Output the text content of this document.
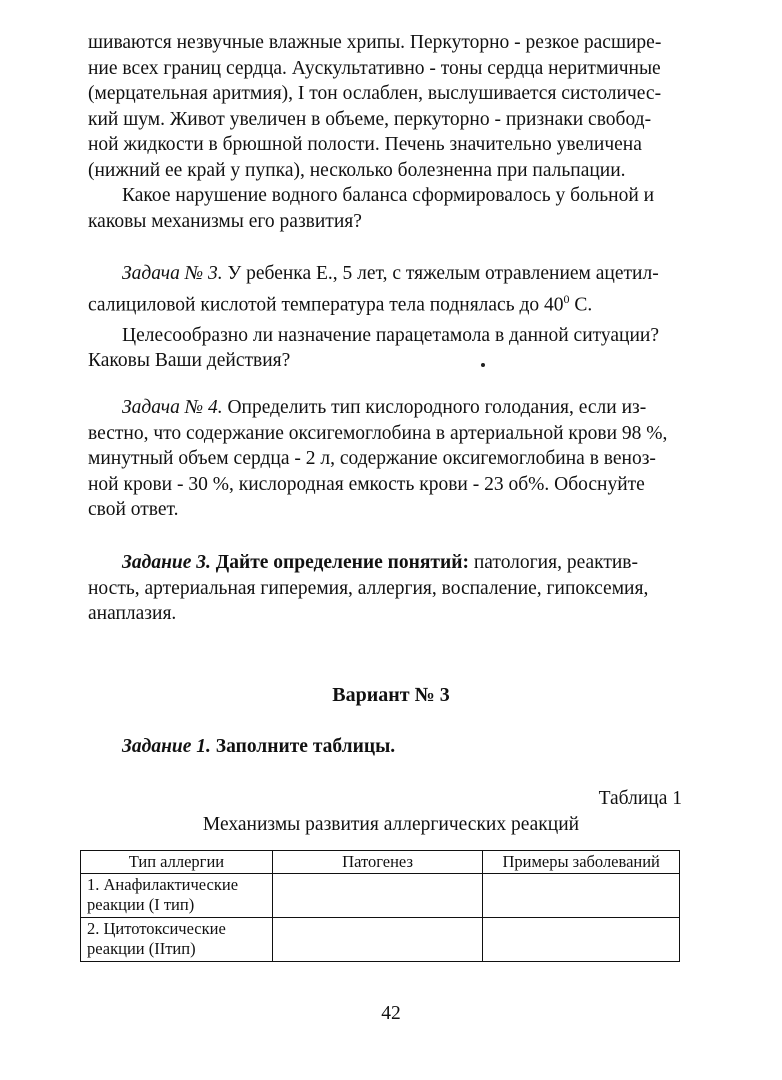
шиваются незвучные влажные хрипы. Перкуторно - резкое расшире-
ние всех границ сердца. Аускультативно - тоны сердца неритмичные
(мерцательная аритмия), I тон ослаблен, выслушивается систоличес-
кий шум. Живот увеличен в объеме, перкуторно - признаки свобод-
ной жидкости в брюшной полости. Печень значительно увеличена
(нижний ее край у пупка), несколько болезненна при пальпации.

Какое нарушение водного баланса сформировалось у больной и
каковы механизмы его развития?

Задача № 3. У ребенка Е., 5 лет, с тяжелым отравлением ацетил-
салициловой кислотой температура тела поднялась до $40^0$ С.
Целесообразно ли назначение парацетамола в данной ситуации?
Каковы Ваши действия?

Задача № 4. Определить тип кислородного голодания, если из-
вестно, что содержание оксигемоглобина в артериальной крови 98 %,
минутный объем сердца - 2 л, содержание оксигемоглобина в веноз-
ной крови - 30 %, кислородная емкость крови - 23 об%. Обоснуйте
свой ответ.

Задание 3. Дайте определение понятий: патология, реактив-
ность, артериальная гиперемия, аллергия, воспаление, гипоксемия,
анаплазия.

Вариант № 3

Задание 1. Заполните таблицы.

Таблица 1

Механизмы развития аллергических реакций

Тип аллергии	Патогенез	Примеры заболеваний
1. Анафилактические
реакции (I тип)		
2. Цитотоксические
реакции (IIтип)		

42
